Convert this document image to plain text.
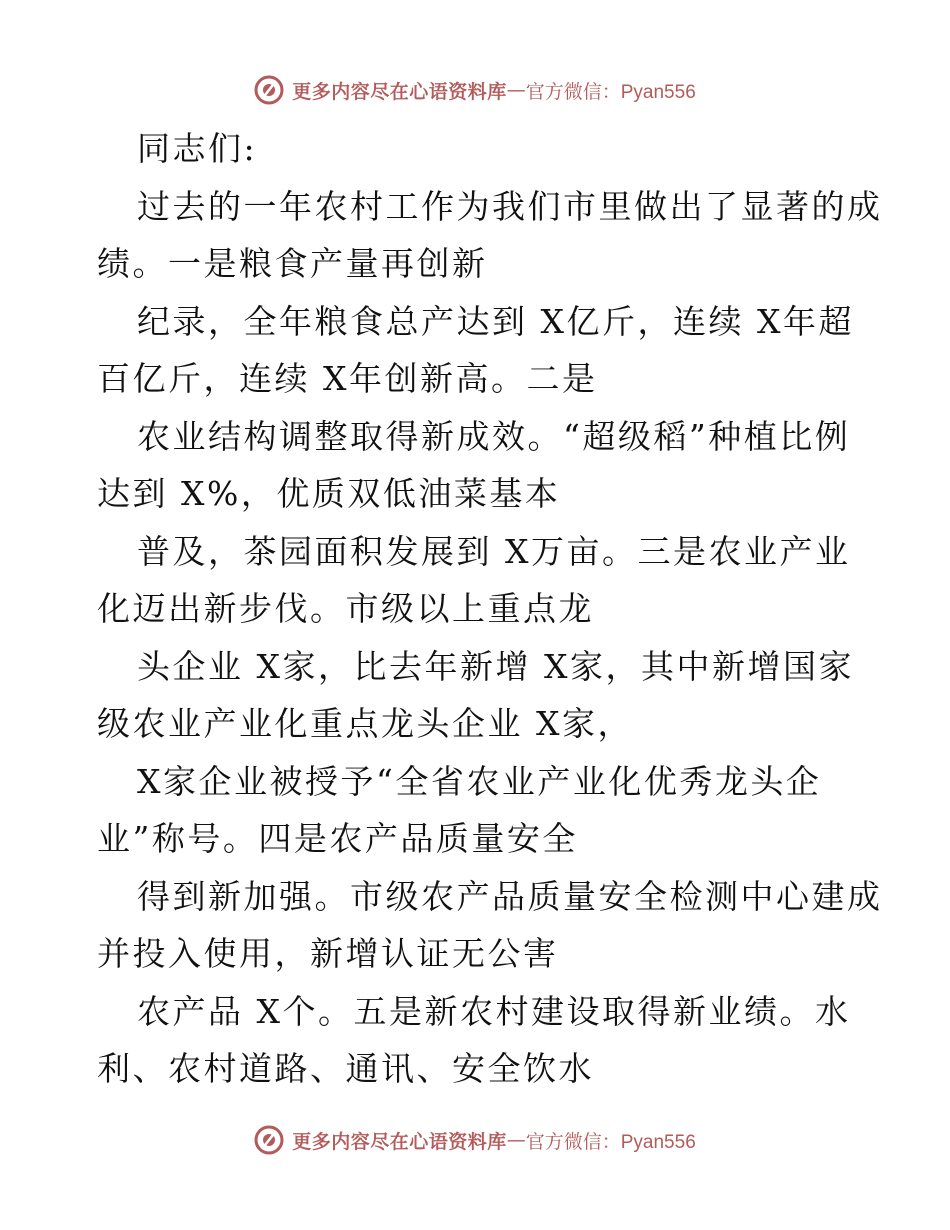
更多内容尽在心语资料库 — 官方微信：Pyan556
同志们:
过去的一年农村工作为我们市里做出了显著的成
绩。一是粮食产量再创新
纪录，全年粮食总产达到 X亿斤，连续 X年超
百亿斤，连续 X年创新高。二是
农业结构调整取得新成效。“超级稻”种植比例
达到 X%，优质双低油菜基本
普及，茶园面积发展到 X万亩。三是农业产业
化迈出新步伐。市级以上重点龙
头企业 X家，比去年新增 X家，其中新增国家
级农业产业化重点龙头企业 X家，
X家企业被授予“全省农业产业化优秀龙头企
业”称号。四是农产品质量安全
得到新加强。市级农产品质量安全检测中心建成
并投入使用，新增认证无公害
农产品 X个。五是新农村建设取得新业绩。水
利、农村道路、通讯、安全饮水
更多内容尽在心语资料库 — 官方微信：Pyan556
